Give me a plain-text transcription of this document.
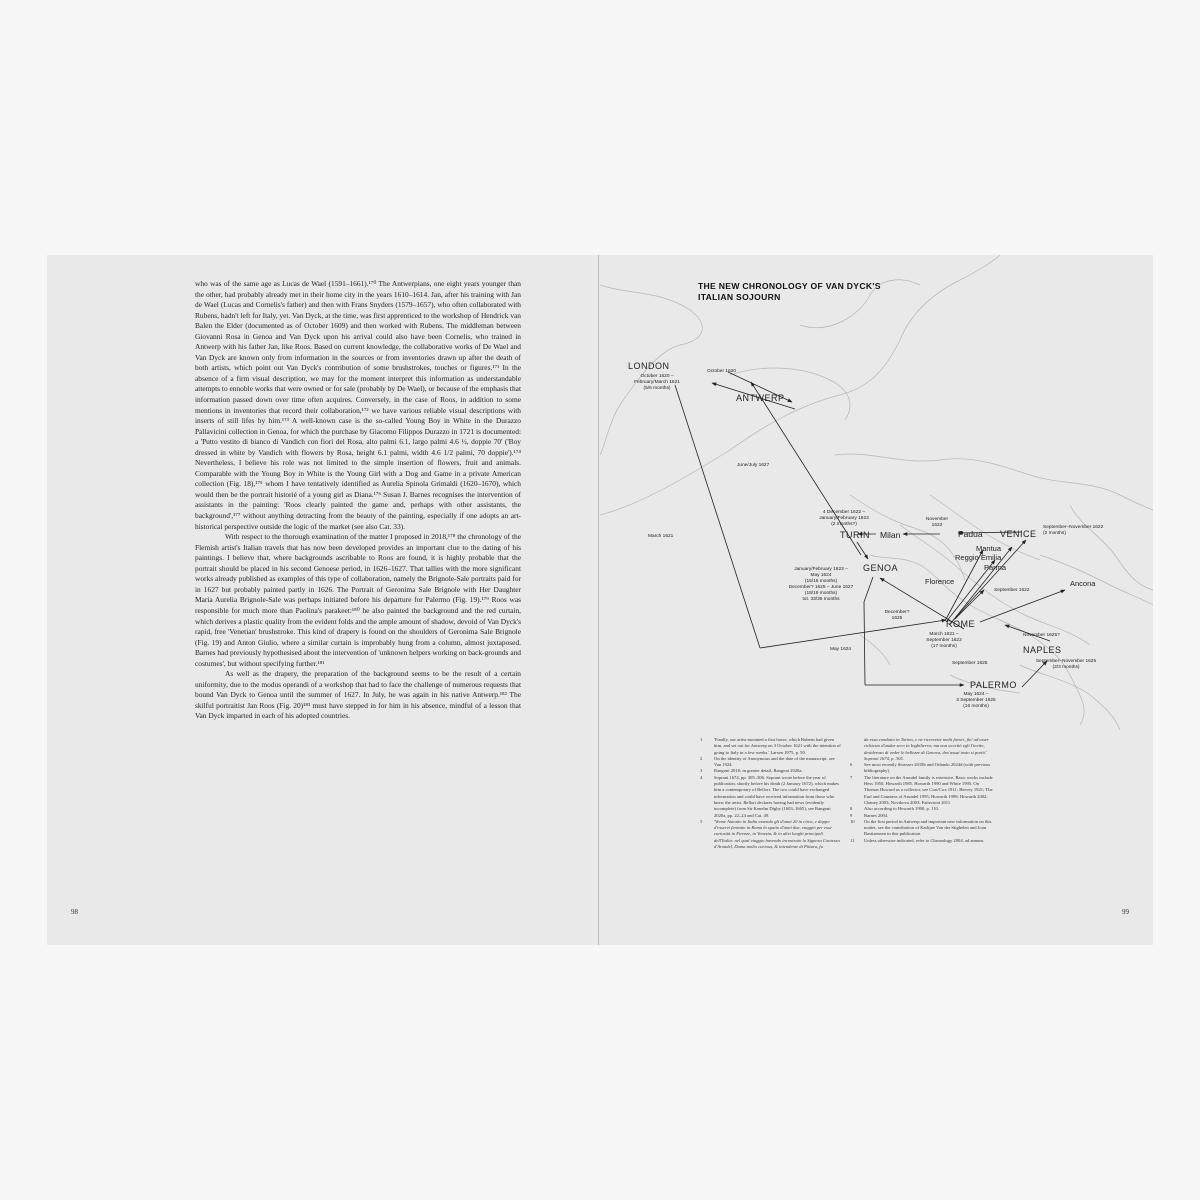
who was of the same age as Lucas de Wael (1591–1661).¹⁷⁰ The Antwerpians, one eight years younger than the other, had probably already met in their home city in the years 1610–1614. Jan, after his training with Jan de Wael (Lucas and Cornelis's father) and then with Frans Snyders (1579–1657), who often collaborated with Rubens, hadn't left for Italy, yet. Van Dyck, at the time, was first apprenticed to the workshop of Hendrick van Balen the Elder (documented as of October 1609) and then worked with Rubens. The middleman between Giovanni Rosa in Genoa and Van Dyck upon his arrival could also have been Cornelis, who trained in Antwerp with his father Jan, like Roos. Based on current knowledge, the collaborative works of De Wael and Van Dyck are known only from information in the sources or from inventories drawn up after the death of both artists, which point out Van Dyck's contribution of some brushstrokes, touches or figures.¹⁷¹ In the absence of a firm visual description, we may for the moment interpret this information as understandable attempts to ennoble works that were owned or for sale (probably by De Wael), or because of the emphasis that information passed down over time often acquires. Conversely, in the case of Roos, in addition to some mentions in inventories that record their collaboration,¹⁷² we have various reliable visual descriptions with inserts of still lifes by him.¹⁷³ A well-known case is the so-called Young Boy in White in the Durazzo Pallavicini collection in Genoa, for which the purchase by Giacomo Filippos Durazzo in 1721 is documented: a 'Putto vestito di bianco di Vandich con fiori del Rosa, alto palmi 6.1, largo palmi 4.6 ½, doppie 70' ('Boy dressed in white by Vandich with flowers by Rosa, height 6.1 palmi, width 4.6 1/2 palmi, 70 doppie').¹⁷⁴ Nevertheless, I believe his role was not limited to the simple insertion of flowers, fruit and animals. Comparable with the Young Boy in White is the Young Girl with a Dog and Game in a private American collection (Fig. 18),¹⁷⁵ whom I have tentatively identified as Aurelia Spinola Grimaldi (1620–1670), which would then be the portrait historié of a young girl as Diana.¹⁷⁶ Susan J. Barnes recognises the intervention of assistants in the painting: 'Roos clearly painted the game and, perhaps with other assistants, the background',¹⁷⁷ without anything detracting from the beauty of the painting, especially if one adopts an art-historical perspective outside the logic of the market (see also Cat. 33).

With respect to the thorough examination of the matter I proposed in 2018,¹⁷⁸ the chronology of the Flemish artist's Italian travels that has now been developed provides an important clue to the dating of his paintings. I believe that, where backgrounds ascribable to Roos are found, it is highly probable that the portrait should be placed in his second Genoese period, in 1626–1627. That tallies with the more significant works already published as examples of this type of collaboration, namely the Brignole-Sale portraits paid for in 1627 but probably painted partly in 1626. The Portrait of Geronima Sale Brignole with Her Daughter Maria Aurelia Brignole-Sale was perhaps initiated before his departure for Palermo (Fig. 19).¹⁷⁹ Roos was responsible for much more than Paolina's parakeet:¹⁸⁰ he also painted the background and the red curtain, which derives a plastic quality from the evident folds and the ample amount of shadow, devoid of Van Dyck's rapid, free 'Venetian' brushstroke. This kind of drapery is found on the shoulders of Geronima Sale Brignole (Fig. 19) and Anton Giulio, where a similar curtain is improbably hung from a column, almost juxtaposed. Barnes had previously hypothesised about the intervention of 'unknown helpers working on back-grounds and costumes', but without specifying further.¹⁸¹

As well as the drapery, the preparation of the background seems to be the result of a certain uniformity, due to the modus operandi of a workshop that had to face the challenge of numerous requests that bound Van Dyck to Genoa until the summer of 1627. In July, he was again in his native Antwerp.¹⁸² The skilful portraitist Jan Roos (Fig. 20)¹⁸³ must have stepped in for him in his absence, mindful of a lesson that Van Dyck imparted in each of his adopted countries.

98
THE NEW CHRONOLOGY OF VAN DYCK'S
ITALIAN SOJOURN
LONDON
ANTWERP
TURIN Milan	Padua VENICE
Mantua
Reggio Emilia
Parma
GENOA
Florence	Ancona
ROME
NAPLES
PALERMO
October 1620 –
February/March 1621
(5/6 months)
October 1620
June/July 1627
March 1621
4 December 1622 –
January/February 1623
(2 months?)
November
1622	September–November 1622
(2 months)
January/February 1623 –
May 1624
(15/16 months)
December? 1625 – June 1627
(18/19 months)
tot. 33/35 months
September 1622
December?
1625
March 1621 –
September 1622
(17 months)
November 1625?
May 1624
September 1625	September–November 1625
(2/3 months)
May 1624 –
3 September 1625
(16 months)
1	'Finally, our artist mounted a first horse, which Rubens had given him, and set out for Antwerp on 3 October 1621 with the intention of going to Italy in a few weeks.' Larsen 1975, p. 50.
2	On the identity of Anonymous and the date of the manuscript, see Van 1924.
3	Rangoni 2018; in greater detail, Rangoni 2020a.
4	Soprani 1674, pp. 305–306. Soprani wrote before the year of publication, shortly before his death (2 January 1672), which makes him a contemporary of Bellori. The two could have exchanged information and could have received information from those who knew the artist. Bellori declares having had news (evidently incomplete) from Sir Kenelm Digby (1603–1665), see Rangoni 2020a, pp. 22–24 and Cat. 49.
5	'Venne Antonio in Italia essendo gli d'anni 20 in circa, e doppo d'esservi fermato in Roma lo spatio d'anni due, viaggiò per esse curiosità in Firenze, in Venezia, & in altri luoghi principali dell'Italia: nel qual viaggio havendo incontrato la Signora Contessa d'Arondel, Dama molto curiosa, & intendente di Pittura, fu
da essa condotto in Torino, e ne ricevvette molti favori, fin' ad esser richiesto d'andar seco in Inghilterra; ma non accettò egli l'invito, desideroso di veder le bellezze di Genova, dov'assai tosto si portò.' Soprani 1674, p. 305.
6	See most recently Stoesser 2018b and Orlando 2024d (with previous bibliography).
7	The literature on the Arundel family is extensive. Basic works include Hess 1950, Howarth 1985, Howarth 1990 and White 1995. On Thomas Howard as a collector, see Cust/Cox 1911; Hervey 1921; The Earl and Countess of Arundel 1995; Howarth 1998; Howarth 2002; Chaney 2003; Novikova 2003; Fattecioni 2011.
8	Also according to Howarth 1990, p. 110.
9	Barnes 2004.
10 On the first period in Antwerp and important new information on this matter, see the contribution of Katlijne Van der Stighelen and Joan Bastiaensen in this publication.
11 Unless otherwise indicated, refer to Chronology 2004, ad annum.
99
